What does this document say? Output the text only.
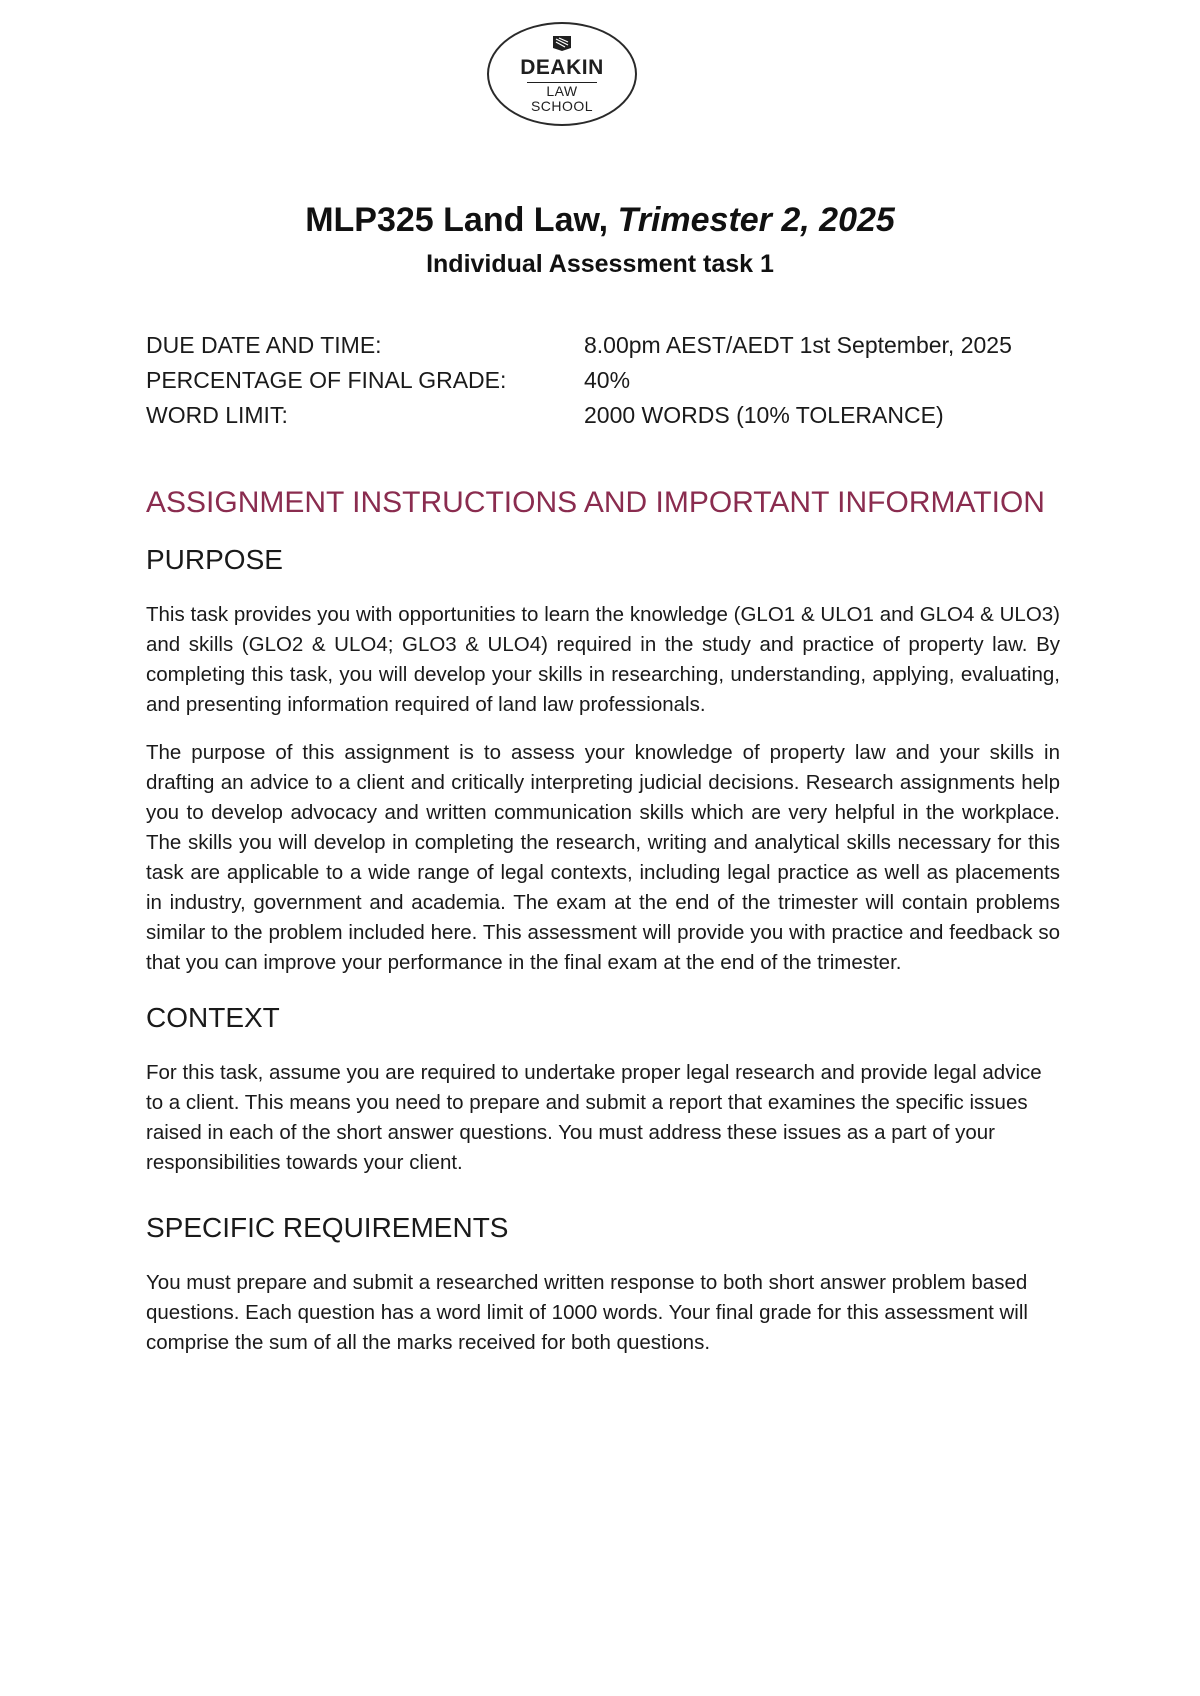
DEAKIN
LAW
SCHOOL
MLP325 Land Law, Trimester 2, 2025
Individual Assessment task 1
DUE DATE AND TIME:	8.00pm AEST/AEDT 1st September, 2025
PERCENTAGE OF FINAL GRADE:	40%
WORD LIMIT:	2000 WORDS (10% TOLERANCE)
ASSIGNMENT INSTRUCTIONS AND IMPORTANT INFORMATION
PURPOSE

This task provides you with opportunities to learn the knowledge (GLO1 & ULO1 and GLO4 & ULO3) and skills (GLO2 & ULO4; GLO3 & ULO4) required in the study and practice of property law. By completing this task, you will develop your skills in researching, understanding, applying, evaluating, and presenting information required of land law professionals.

The purpose of this assignment is to assess your knowledge of property law and your skills in drafting an advice to a client and critically interpreting judicial decisions. Research assignments help you to develop advocacy and written communication skills which are very helpful in the workplace. The skills you will develop in completing the research, writing and analytical skills necessary for this task are applicable to a wide range of legal contexts, including legal practice as well as placements in industry, government and academia. The exam at the end of the trimester will contain problems similar to the problem included here. This assessment will provide you with practice and feedback so that you can improve your performance in the final exam at the end of the trimester.

CONTEXT

For this task, assume you are required to undertake proper legal research and provide legal advice to a client. This means you need to prepare and submit a report that examines the specific issues raised in each of the short answer questions. You must address these issues as a part of your responsibilities towards your client.

SPECIFIC REQUIREMENTS

You must prepare and submit a researched written response to both short answer problem based questions. Each question has a word limit of 1000 words. Your final grade for this assessment will comprise the sum of all the marks received for both questions.
